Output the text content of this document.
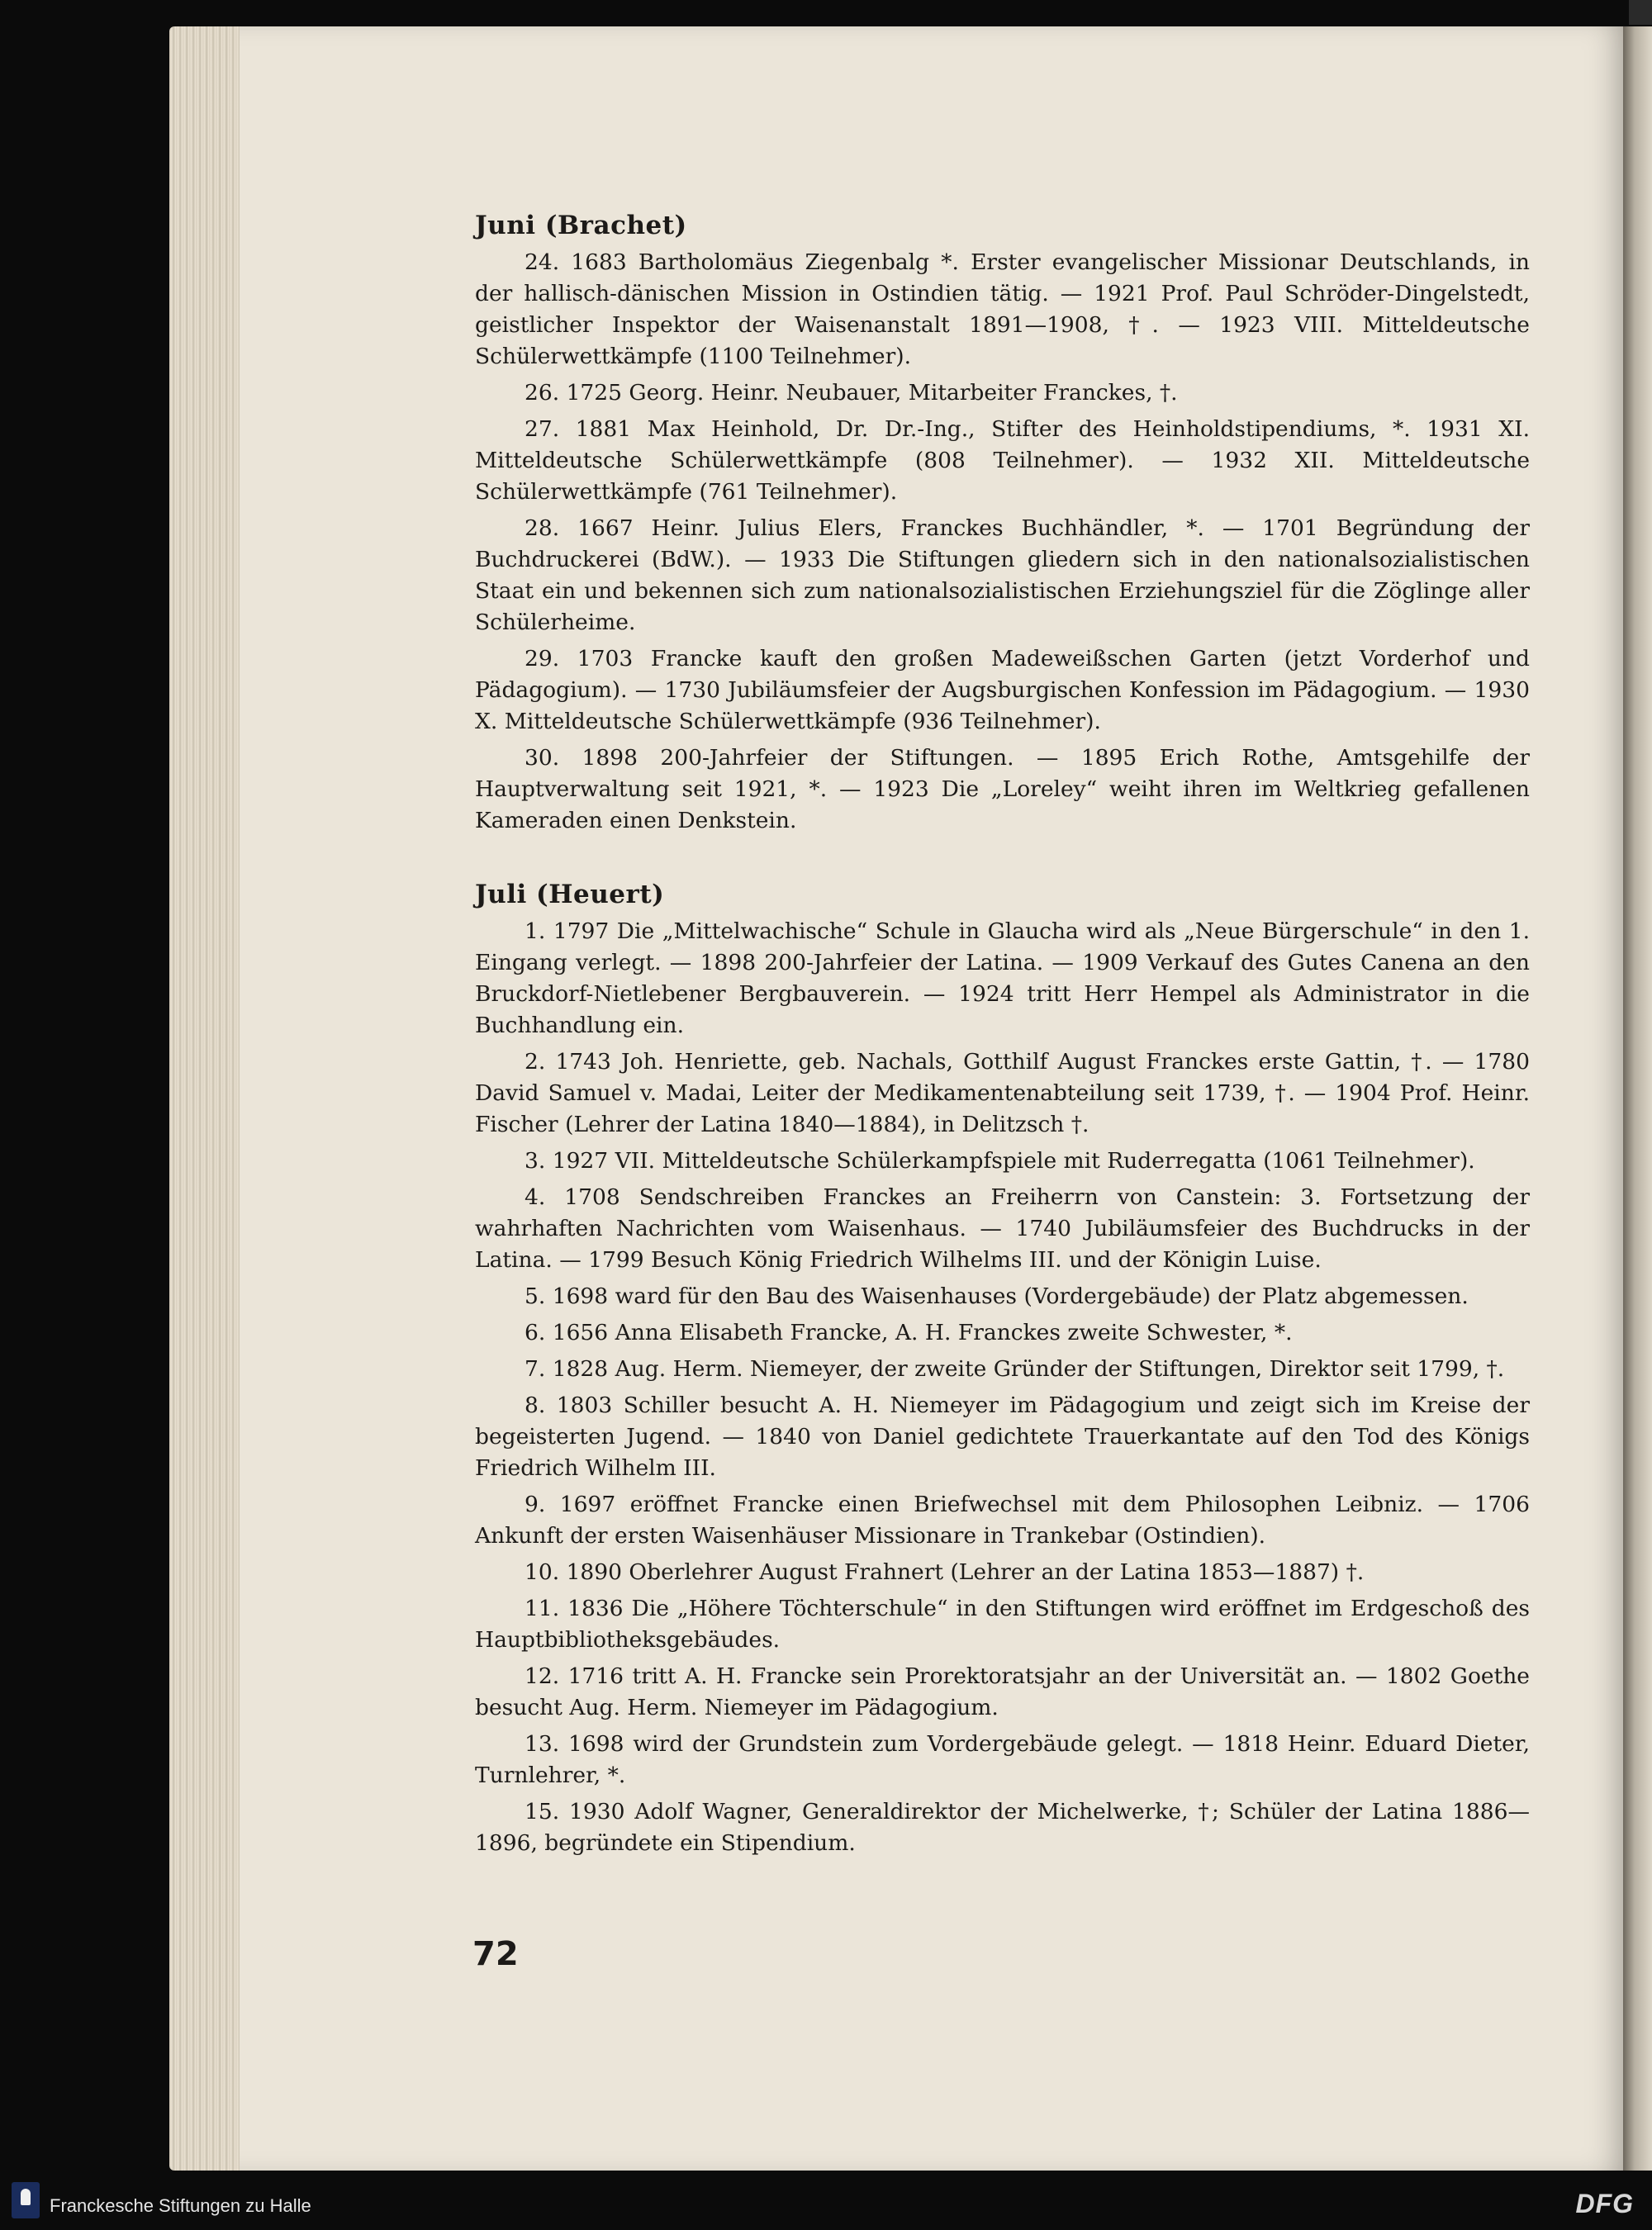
Juni (Brachet)

24. 1683 Bartholomäus Ziegenbalg *. Erster evangelischer Missionar Deutschlands, in der hallisch-dänischen Mission in Ostindien tätig. — 1921 Prof. Paul Schröder-Dingelstedt, geistlicher Inspektor der Waisenanstalt 1891—1908, †. — 1923 VIII. Mitteldeutsche Schülerwettkämpfe (1100 Teilnehmer).

26. 1725 Georg. Heinr. Neubauer, Mitarbeiter Franckes, †.

27. 1881 Max Heinhold, Dr. Dr.-Ing., Stifter des Heinholdstipendiums, *. 1931 XI. Mitteldeutsche Schülerwettkämpfe (808 Teilnehmer). — 1932 XII. Mitteldeutsche Schülerwettkämpfe (761 Teilnehmer).

28. 1667 Heinr. Julius Elers, Franckes Buchhändler, *. — 1701 Begründung der Buchdruckerei (BdW.). — 1933 Die Stiftungen gliedern sich in den nationalsozialistischen Staat ein und bekennen sich zum nationalsozialistischen Erziehungsziel für die Zöglinge aller Schülerheime.

29. 1703 Francke kauft den großen Madeweißschen Garten (jetzt Vorderhof und Pädagogium). — 1730 Jubiläumsfeier der Augsburgischen Konfession im Pädagogium. — 1930 X. Mitteldeutsche Schülerwettkämpfe (936 Teilnehmer).

30. 1898 200-Jahrfeier der Stiftungen. — 1895 Erich Rothe, Amtsgehilfe der Hauptverwaltung seit 1921, *. — 1923 Die „Loreley“ weiht ihren im Weltkrieg gefallenen Kameraden einen Denkstein.

Juli (Heuert)

1. 1797 Die „Mittelwachische“ Schule in Glaucha wird als „Neue Bürgerschule“ in den 1. Eingang verlegt. — 1898 200-Jahrfeier der Latina. — 1909 Verkauf des Gutes Canena an den Bruckdorf-Nietlebener Bergbauverein. — 1924 tritt Herr Hempel als Administrator in die Buchhandlung ein.

2. 1743 Joh. Henriette, geb. Nachals, Gotthilf August Franckes erste Gattin, †. — 1780 David Samuel v. Madai, Leiter der Medikamentenabteilung seit 1739, †. — 1904 Prof. Heinr. Fischer (Lehrer der Latina 1840—1884), in Delitzsch †.

3. 1927 VII. Mitteldeutsche Schülerkampfspiele mit Ruderregatta (1061 Teilnehmer).

4. 1708 Sendschreiben Franckes an Freiherrn von Canstein: 3. Fortsetzung der wahrhaften Nachrichten vom Waisenhaus. — 1740 Jubiläumsfeier des Buchdrucks in der Latina. — 1799 Besuch König Friedrich Wilhelms III. und der Königin Luise.

5. 1698 ward für den Bau des Waisenhauses (Vordergebäude) der Platz abgemessen.

6. 1656 Anna Elisabeth Francke, A. H. Franckes zweite Schwester, *.

7. 1828 Aug. Herm. Niemeyer, der zweite Gründer der Stiftungen, Direktor seit 1799, †.

8. 1803 Schiller besucht A. H. Niemeyer im Pädagogium und zeigt sich im Kreise der begeisterten Jugend. — 1840 von Daniel gedichtete Trauerkantate auf den Tod des Königs Friedrich Wilhelm III.

9. 1697 eröffnet Francke einen Briefwechsel mit dem Philosophen Leibniz. — 1706 Ankunft der ersten Waisenhäuser Missionare in Trankebar (Ostindien).

10. 1890 Oberlehrer August Frahnert (Lehrer an der Latina 1853—1887) †.

11. 1836 Die „Höhere Töchterschule“ in den Stiftungen wird eröffnet im Erdgeschoß des Hauptbibliotheksgebäudes.

12. 1716 tritt A. H. Francke sein Prorektoratsjahr an der Universität an. — 1802 Goethe besucht Aug. Herm. Niemeyer im Pädagogium.

13. 1698 wird der Grundstein zum Vordergebäude gelegt. — 1818 Heinr. Eduard Dieter, Turnlehrer, *.

15. 1930 Adolf Wagner, Generaldirektor der Michelwerke, †; Schüler der Latina 1886—1896, begründete ein Stipendium.

72
Franckesche Stiftungen zu Halle	DFG
